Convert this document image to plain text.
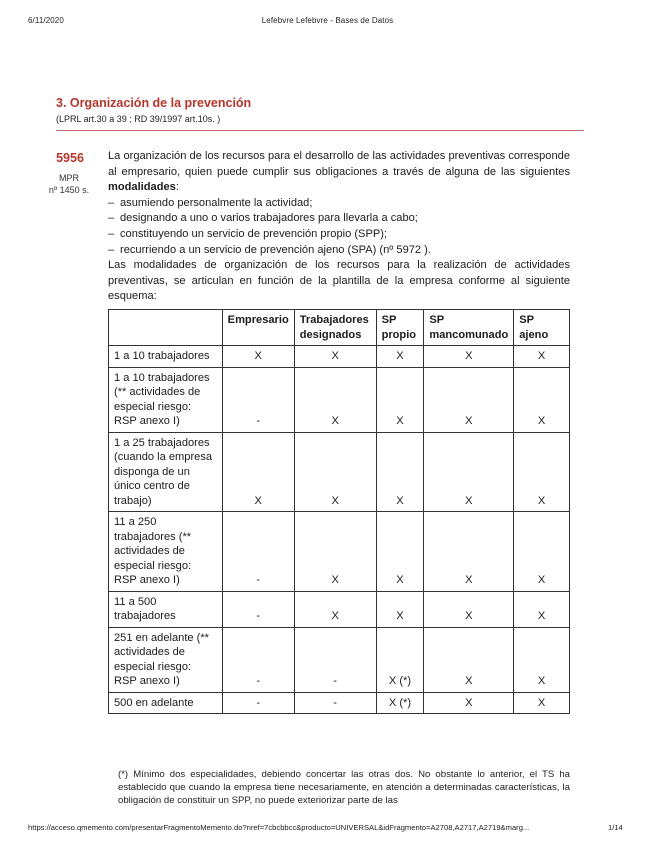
6/11/2020	Lefebvre Lefebvre - Bases de Datos
3. Organización de la prevención
(LPRL art.30 a 39 ; RD 39/1997 art.10s. )
5956
MPR
nº 1450 s.

La organización de los recursos para el desarrollo de las actividades preventivas corresponde al empresario, quien puede cumplir sus obligaciones a través de alguna de las siguientes modalidades:

– asumiendo personalmente la actividad;
– designando a uno o varios trabajadores para llevarla a cabo;
– constituyendo un servicio de prevención propio (SPP);
– recurriendo a un servicio de prevención ajeno (SPA) (nº 5972 ).

Las modalidades de organización de los recursos para la realización de actividades preventivas, se articulan en función de la plantilla de la empresa conforme al siguiente esquema:

	Empresario	Trabajadores designados	SP propio	SP mancomunado	SP ajeno
1 a 10 trabajadores	X	X	X	X	X
1 a 10 trabajadores (** actividades de especial riesgo: RSP anexo I)	-	X	X	X	X
1 a 25 trabajadores (cuando la empresa disponga de un único centro de trabajo)	X	X	X	X	X
11 a 250 trabajadores (** actividades de especial riesgo: RSP anexo I)	-	X	X	X	X
11 a 500 trabajadores	-	X	X	X	X
251 en adelante (** actividades de especial riesgo: RSP anexo I)	-	-	X (*)	X	X
500 en adelante	-	-	X (*)	X	X
(*) Mínimo dos especialidades, debiendo concertar las otras dos. No obstante lo anterior, el TS ha establecido que cuando la empresa tiene necesariamente, en atención a determinadas características, la obligación de constituir un SPP, no puede exteriorizar parte de las
https://acceso.qmemento.com/presentarFragmentoMemento.do?nref=7cbcbbcc&producto=UNIVERSAL&idFragmento=A2708,A2717,A2719&marg...	1/14
